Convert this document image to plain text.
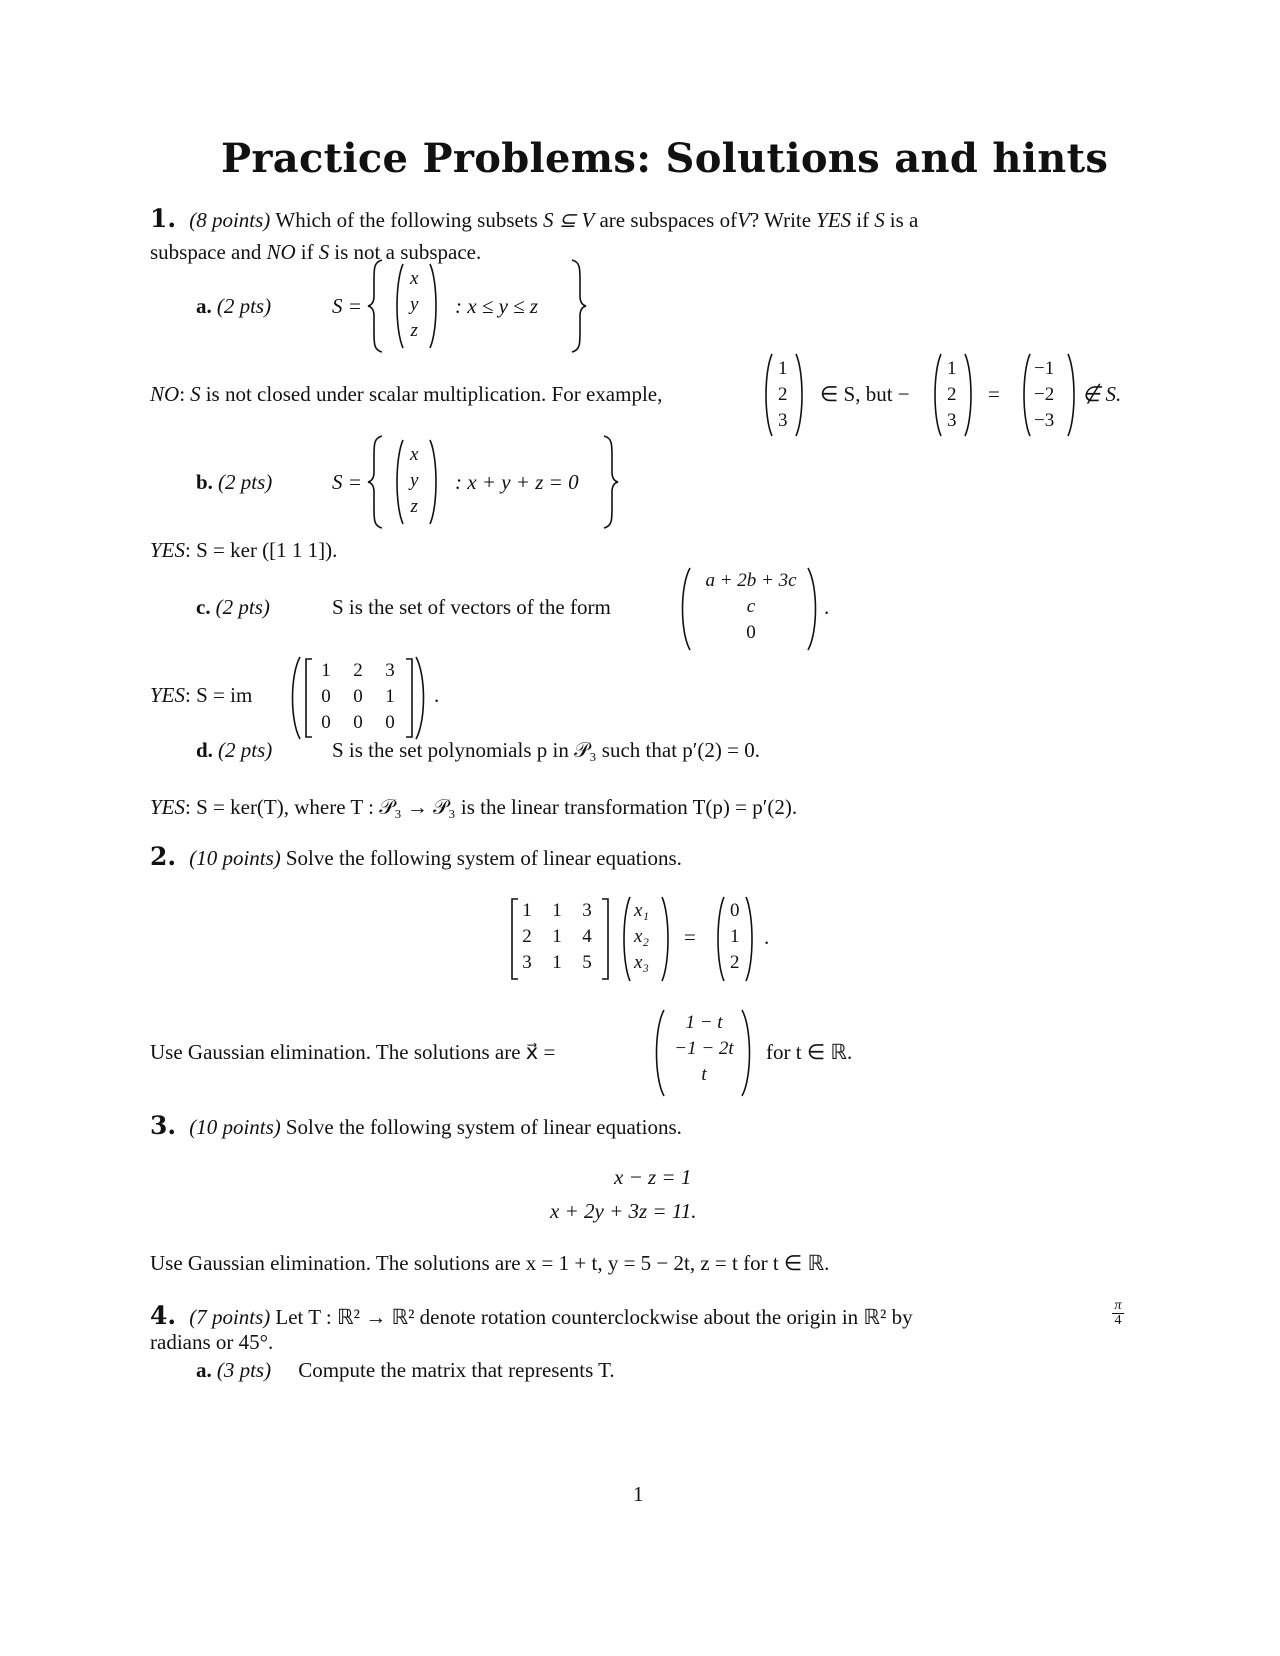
Practice Problems: Solutions and hints
1. (8 points) Which of the following subsets S ⊆ V are subspaces ofV? Write YES if S is a
subspace and NO if S is not a subspace.
a. (2 pts)	S =
x
y
z
: x ≤ y ≤ z
NO: S is not closed under scalar multiplication. For example,
1
2
3
∈ S, but −
1
2
3
=
−1
−2
−3
∉ S.
b. (2 pts)	S =
x
y
z
: x + y + z = 0
YES: S = ker ([1 1 1]).
c. (2 pts)	S is the set of vectors of the form
a + 2b + 3c
c
0
.
YES: S = im
1	2	3
0	0	1
0	0	0
.
d. (2 pts)	S is the set polynomials p in 𝒫₃ such that p′(2) = 0.
YES: S = ker(T), where T : 𝒫₃ → 𝒫₃ is the linear transformation T(p) = p′(2).
2. (10 points) Solve the following system of linear equations.
1	1	3
2	1	4
3	1	5
x₁
x₂
x₃
=
0
1
2
.
Use Gaussian elimination. The solutions are x⃗ =
1 − t
−1 − 2t
t
for t ∈ ℝ.
3. (10 points) Solve the following system of linear equations.
x − z = 1
x + 2y + 3z = 11.
Use Gaussian elimination. The solutions are x = 1 + t, y = 5 − 2t, z = t for t ∈ ℝ.
4. (7 points) Let T : ℝ² → ℝ² denote rotation counterclockwise about the origin in ℝ² by	π
4
radians or 45°.
a. (3 pts) Compute the matrix that represents T.
1
